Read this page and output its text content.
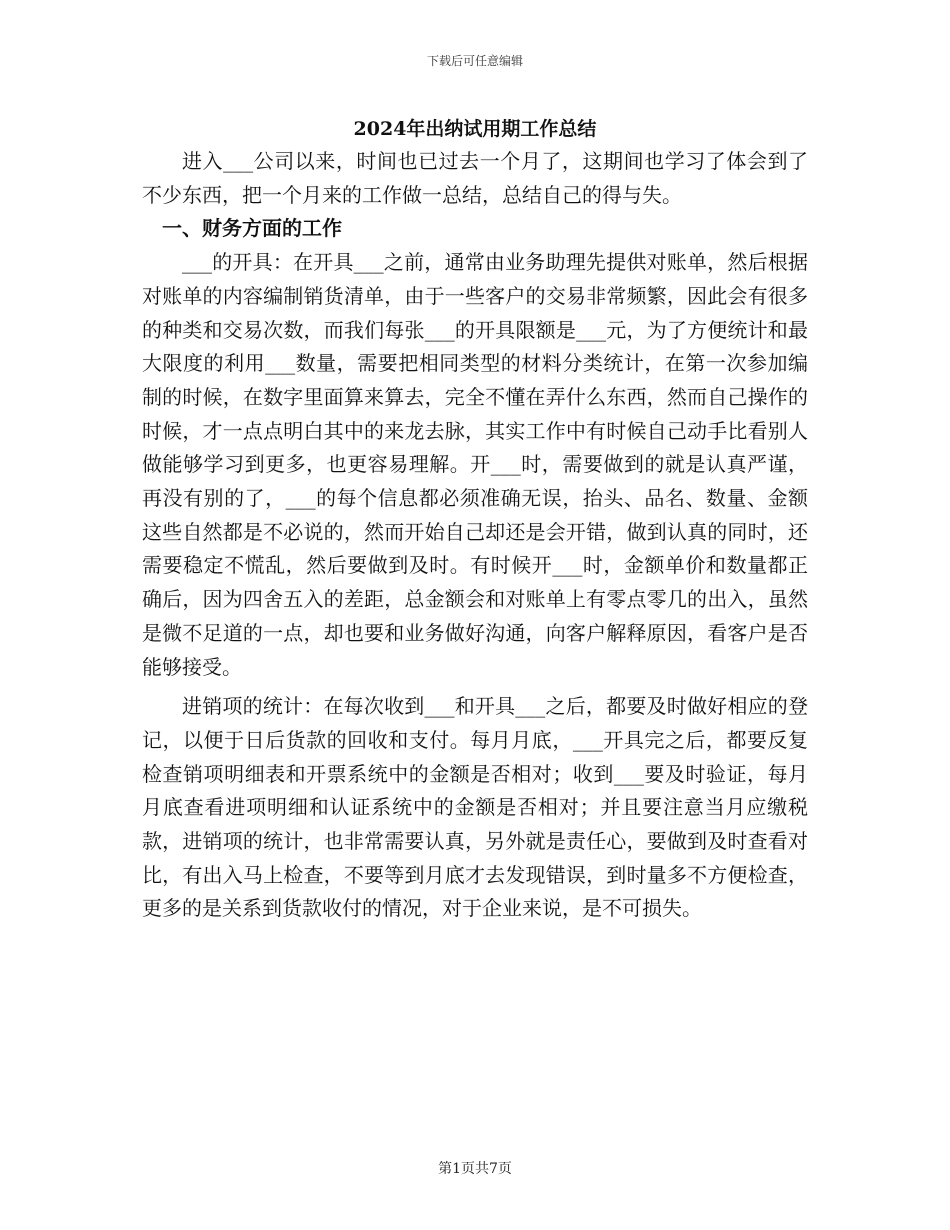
下载后可任意编辑
2024年出纳试用期工作总结

进入___公司以来，时间也已过去一个月了，这期间也学习了体会到了不少东西，把一个月来的工作做一总结，总结自己的得与失。

一、财务方面的工作

___的开具：在开具___之前，通常由业务助理先提供对账单，然后根据对账单的内容编制销货清单，由于一些客户的交易非常频繁，因此会有很多的种类和交易次数，而我们每张___的开具限额是___元，为了方便统计和最大限度的利用___数量，需要把相同类型的材料分类统计，在第一次参加编制的时候，在数字里面算来算去，完全不懂在弄什么东西，然而自己操作的时候，才一点点明白其中的来龙去脉，其实工作中有时候自己动手比看别人做能够学习到更多，也更容易理解。开___时，需要做到的就是认真严谨，再没有别的了，___的每个信息都必须准确无误，抬头、品名、数量、金额这些自然都是不必说的，然而开始自己却还是会开错，做到认真的同时，还需要稳定不慌乱，然后要做到及时。有时候开___时，金额单价和数量都正确后，因为四舍五入的差距，总金额会和对账单上有零点零几的出入，虽然是微不足道的一点，却也要和业务做好沟通，向客户解释原因，看客户是否能够接受。

进销项的统计：在每次收到___和开具___之后，都要及时做好相应的登记，以便于日后货款的回收和支付。每月月底，___开具完之后，都要反复检查销项明细表和开票系统中的金额是否相对；收到___要及时验证，每月月底查看进项明细和认证系统中的金额是否相对；并且要注意当月应缴税款，进销项的统计，也非常需要认真，另外就是责任心，要做到及时查看对比，有出入马上检查，不要等到月底才去发现错误，到时量多不方便检查，更多的是关系到货款收付的情况，对于企业来说，是不可损失。

第1页共7页
